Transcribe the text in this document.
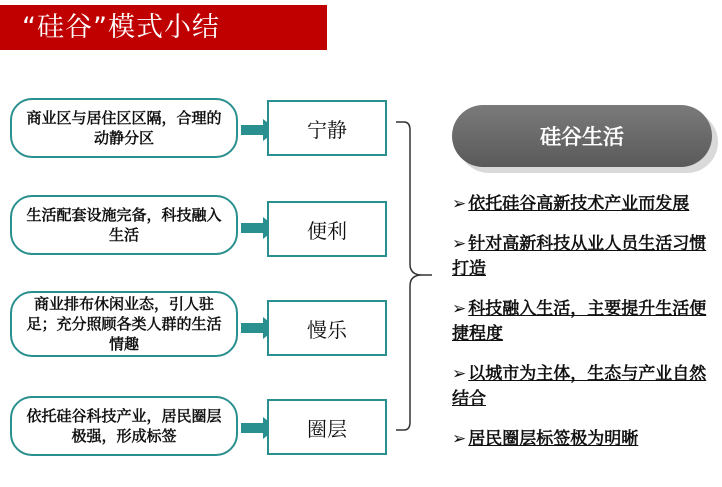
“硅谷”模式小结
商业区与居住区区隔，合理的动静分区	宁静
生活配套设施完备，科技融入生活	便利
商业排布休闲业态，引人驻足；充分照顾各类人群的生活情趣
慢乐
依托硅谷科技产业，居民圈层极强，形成标签	圈层
硅谷生活
➢ 依托硅谷高新技术产业而发展
➢ 针对高新科技从业人员生活习惯打造
➢ 科技融入生活，主要提升生活便捷程度
➢ 以城市为主体，生态与产业自然结合
➢ 居民圈层标签极为明晰
